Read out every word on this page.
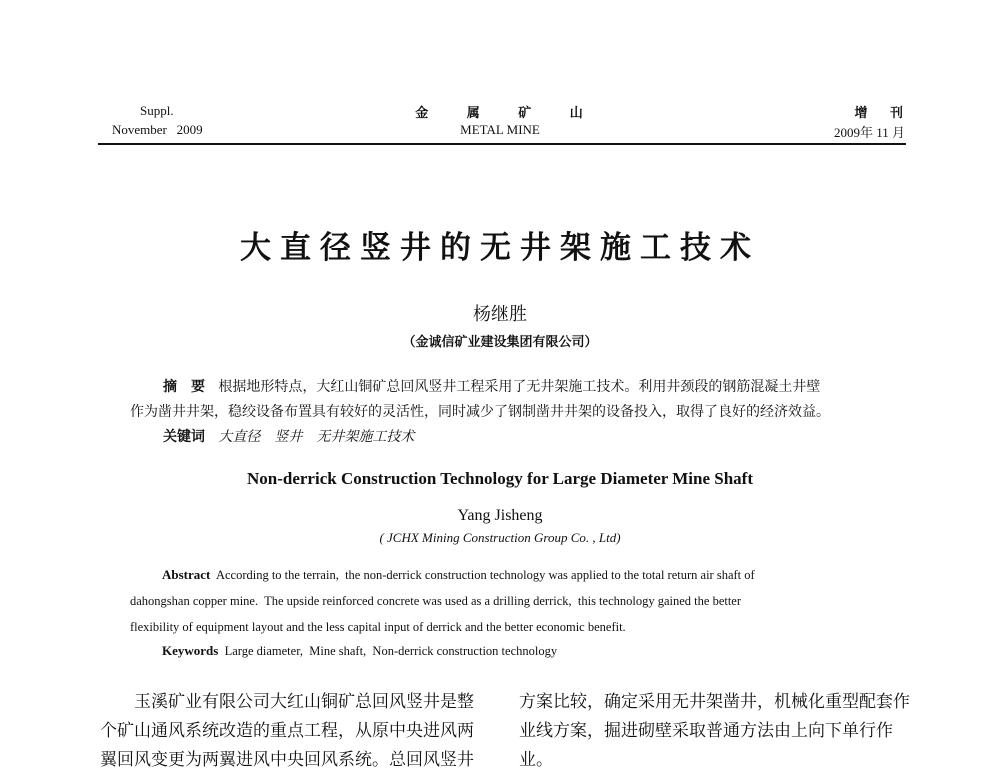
Suppl.
November   2009
金 属 矿 山
METAL MINE
增 刊
2009年 11 月
大直径竖井的无井架施工技术
杨继胜
（金诚信矿业建设集团有限公司）
摘　要 根据地形特点，大红山铜矿总回风竖井工程采用了无井架施工技术。利用井颈段的钢筋混凝土井壁
作为凿井井架，稳绞设备布置具有较好的灵活性，同时减少了钢制凿井井架的设备投入，取得了良好的经济效益。
关键词 大直径　竖井　无井架施工技术
Non-derrick Construction Technology for Large Diameter Mine Shaft
Yang Jisheng
( JCHX Mining Construction Group Co. , Ltd)
Abstract According to the terrain,  the non-derrick construction technology was applied to the total return air shaft of
dahongshan copper mine.  The upside reinforced concrete was used as a drilling derrick,  this technology gained the better
flexibility of equipment layout and the less capital input of derrick and the better economic benefit.
Keywords Large diameter,  Mine shaft,  Non-derrick construction technology
玉溪矿业有限公司大红山铜矿总回风竖井是整
个矿山通风系统改造的重点工程，从原中央进风两
翼回风变更为两翼进风中央回风系统。总回风竖井
方案比较，确定采用无井架凿井，机械化重型配套作
业线方案，掘进砌壁采取普通方法由上向下单行作
业。
